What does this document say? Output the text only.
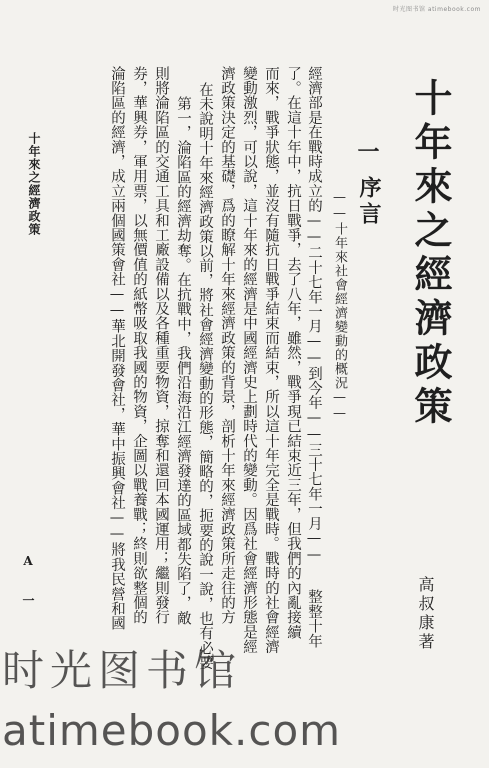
时光图书馆 atimebook.com
十年來之經濟政策
高叔康著
一
序言
——十年來社會經濟變動的概況——
經濟部是在戰時成立的——二十七年一月——到今年——三十七年一月——
　　整整十年
了。在這十年中，抗日戰爭，去了八年，雖然，戰爭現已結束近三年，但我們的內亂接續
而來，戰爭狀態，並沒有隨抗日戰爭結束而結束，所以這十年完全是戰時。戰時的社會經濟
變動激烈，可以說，這十年來的經濟是中國經濟史上劃時代的變動。因爲社會經濟形態是經
濟政策決定的基礎，爲的瞭解十年來經濟政策的背景，剖析十年來經濟政策所走往的方
在未說明十年來經濟政策以前，將社會經濟變動的形態，簡略的，扼要的說一說，也有必要
第一，淪陷區的經濟劫奪。在抗戰中，我們沿海沿江經濟發達的區域都失陷了，敵
則將淪陷區的交通工具和工廠設備以及各種重要物資，掠奪和還回本國運用；繼則發行
券，華興券，軍用票，以無價值的紙幣吸取我國的物資，企圖以戰養戰；終則欲整個的
淪陷區的經濟，成立兩個國策會社——華北開發會社，華中振興會社——將我民營和國
十年來之經濟政策
A 一
时光图书馆
atimebook.com
